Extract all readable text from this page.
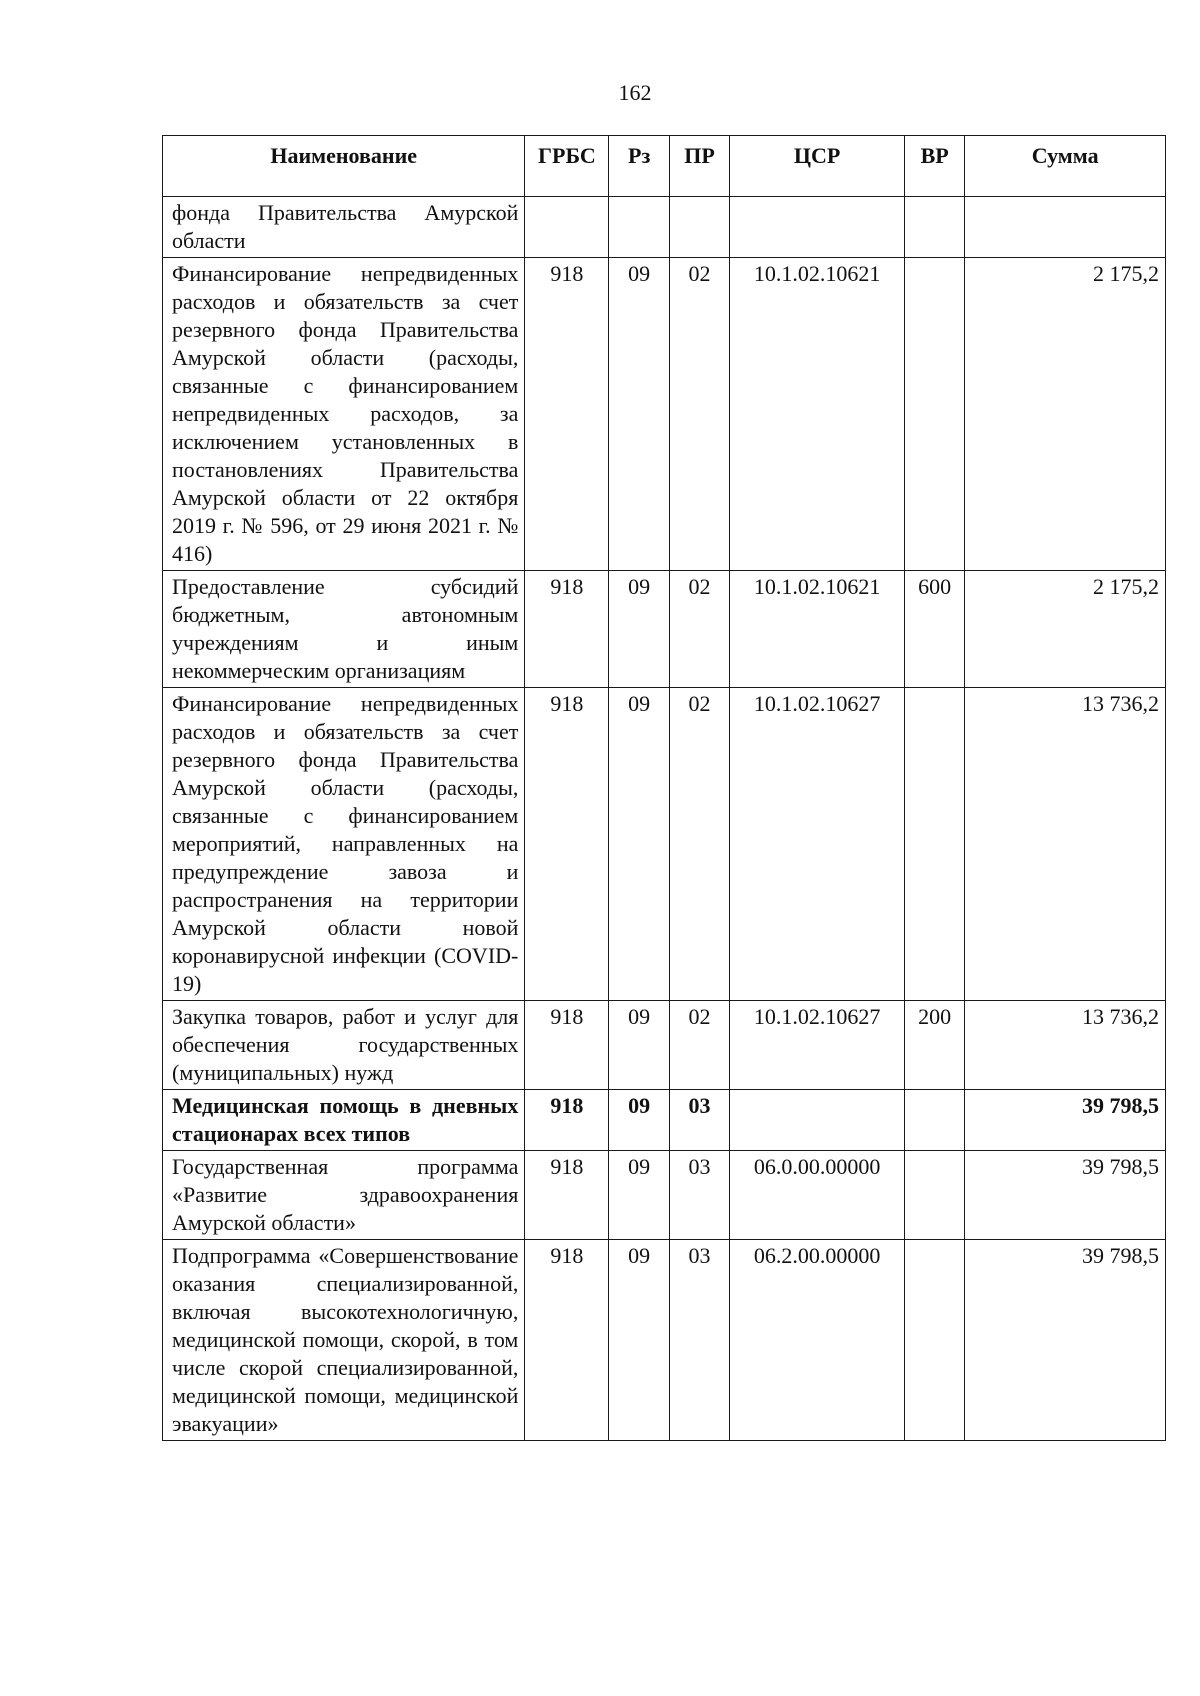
162
Наименование	ГРБС	Рз	ПР	ЦСР	ВР	Сумма
фонда Правительства Амурской области						
Финансирование непредвиденных расходов и обязательств за счет резервного фонда Правительства Амурской области (расходы, связанные с финансированием непредвиденных расходов, за исключением установленных в постановлениях Правительства Амурской области от 22 октября 2019 г. № 596, от 29 июня 2021 г. № 416)	918	09	02	10.1.02.10621		2 175,2
Предоставление субсидий бюджетным, автономным учреждениям и иным некоммерческим организациям	918	09	02	10.1.02.10621	600	2 175,2
Финансирование непредвиденных расходов и обязательств за счет резервного фонда Правительства Амурской области (расходы, связанные с финансированием мероприятий, направленных на предупреждение завоза и распространения на территории Амурской области новой коронавирусной инфекции (COVID-19)	918	09	02	10.1.02.10627		13 736,2
Закупка товаров, работ и услуг для обеспечения государственных (муниципальных) нужд	918	09	02	10.1.02.10627	200	13 736,2
Медицинская помощь в дневных стационарах всех типов	918	09	03			39 798,5
Государственная программа «Развитие здравоохранения Амурской области»	918	09	03	06.0.00.00000		39 798,5
Подпрограмма «Совершенствование оказания специализированной, включая высокотехнологичную, медицинской помощи, скорой, в том числе скорой специализированной, медицинской помощи, медицинской эвакуации»	918	09	03	06.2.00.00000		39 798,5
